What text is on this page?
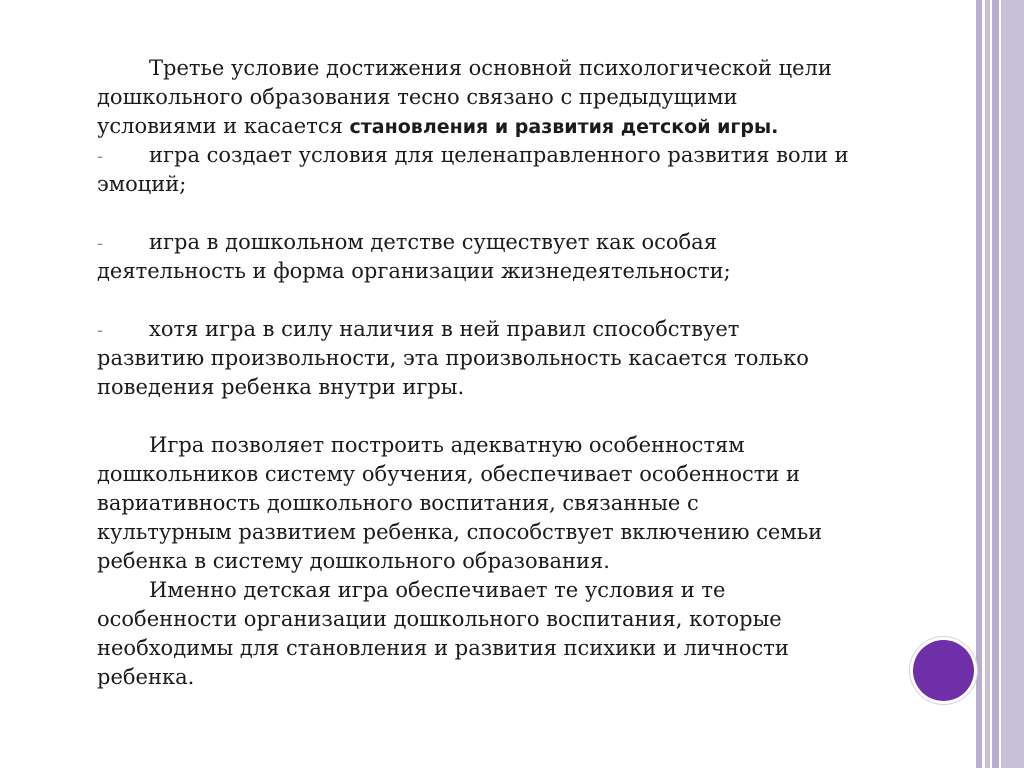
Третье условие достижения основной психологической цели
дошкольного образования тесно связано с предыдущими
условиями и касается становления и развития детской игры.
- игра создает условия для целенаправленного развития воли и
эмоций;
- игра в дошкольном детстве существует как особая
деятельность и форма организации жизнедеятельности;
- хотя игра в силу наличия в ней правил способствует
развитию произвольности, эта произвольность касается только
поведения ребенка внутри игры.
Игра позволяет построить адекватную особенностям
дошкольников систему обучения, обеспечивает особенности и
вариативность дошкольного воспитания, связанные с
культурным развитием ребенка, способствует включению семьи
ребенка в систему дошкольного образования.
Именно детская игра обеспечивает те условия и те
особенности организации дошкольного воспитания, которые
необходимы для становления и развития психики и личности
ребенка.
